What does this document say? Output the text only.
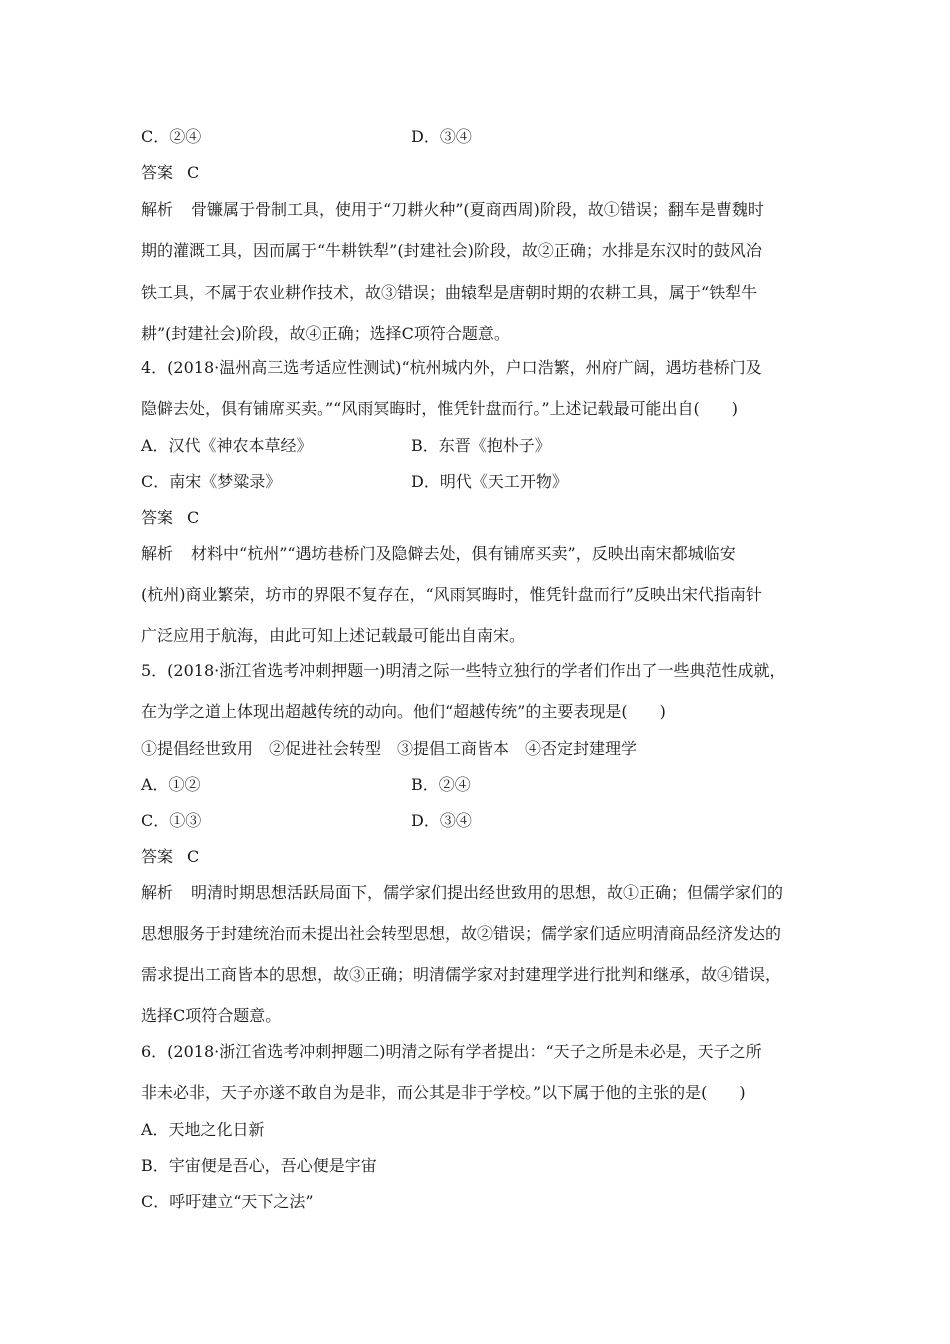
C．②④	D．③④
答案 C
解析 骨镰属于骨制工具，使用于“刀耕火种”(夏商西周)阶段，故①错误；翻车是曹魏时
期的灌溉工具，因而属于“牛耕铁犁”(封建社会)阶段，故②正确；水排是东汉时的鼓风冶
铁工具，不属于农业耕作技术，故③错误；曲辕犁是唐朝时期的农耕工具，属于“铁犁牛
耕”(封建社会)阶段，故④正确；选择C项符合题意。
4．(2018·温州高三选考适应性测试)“杭州城内外，户口浩繁，州府广阔，遇坊巷桥门及
隐僻去处，俱有铺席买卖。”“风雨冥晦时，惟凭针盘而行。”上述记载最可能出自(　　)
A．汉代《神农本草经》	B．东晋《抱朴子》
C．南宋《梦粱录》	D．明代《天工开物》
答案 C
解析 材料中“杭州”“遇坊巷桥门及隐僻去处，俱有铺席买卖”，反映出南宋都城临安
(杭州)商业繁荣，坊市的界限不复存在，“风雨冥晦时，惟凭针盘而行”反映出宋代指南针
广泛应用于航海，由此可知上述记载最可能出自南宋。
5．(2018·浙江省选考冲刺押题一)明清之际一些特立独行的学者们作出了一些典范性成就，
在为学之道上体现出超越传统的动向。他们“超越传统”的主要表现是(　　)
①提倡经世致用　②促进社会转型　③提倡工商皆本　④否定封建理学
A．①②	B．②④
C．①③	D．③④
答案 C
解析 明清时期思想活跃局面下，儒学家们提出经世致用的思想，故①正确；但儒学家们的
思想服务于封建统治而未提出社会转型思想，故②错误；儒学家们适应明清商品经济发达的
需求提出工商皆本的思想，故③正确；明清儒学家对封建理学进行批判和继承，故④错误，
选择C项符合题意。
6．(2018·浙江省选考冲刺押题二)明清之际有学者提出：“天子之所是未必是，天子之所
非未必非，天子亦遂不敢自为是非，而公其是非于学校。”以下属于他的主张的是(　　)
A．天地之化日新
B．宇宙便是吾心，吾心便是宇宙
C．呼吁建立“天下之法”
